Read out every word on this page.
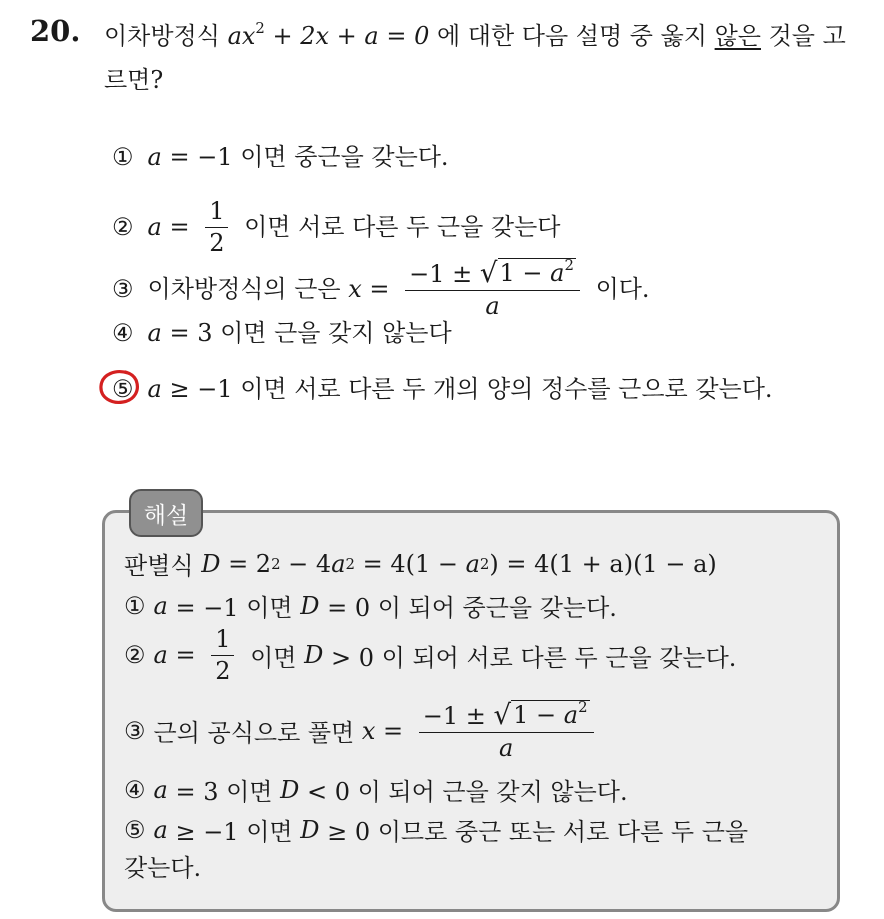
20. 이차방정식 $ax^2 + 2x + a = 0$ 에 대한 다음 설명 중 옳지 않은 것을 고르면?
① a = −1 이면 중근을 갖는다.
② $a = \frac{1}{2}$ 이면 서로 다른 두 근을 갖는다
③ 이차방정식의 근은 $x = \frac{-1 \pm √ 1 - a^2}{a}$ 이다.
④ a = 3 이면 근을 갖지 않는다
⑤ a ≥ −1 이면 서로 다른 두 개의 양의 정수를 근으로 갖는다.
해설
판별식 D = 2 2 − 4 a 2 = 4(1 − a 2 ) = 4(1 + a)(1 − a)
① a = −1 이면 D = 0 이 되어 중근을 갖는다.
② $a = \frac{1}{2}$ 이면 D > 0 이 되어 서로 다른 두 근을 갖는다.
③ 근의 공식으로 풀면 $x = \frac{-1 \pm √ 1 - a^2}{a}$
④ a = 3 이면 D < 0 이 되어 근을 갖지 않는다.
⑤ a ≥ −1 이면 D ≥ 0 이므로 중근 또는 서로 다른 두 근을
갖는다.
